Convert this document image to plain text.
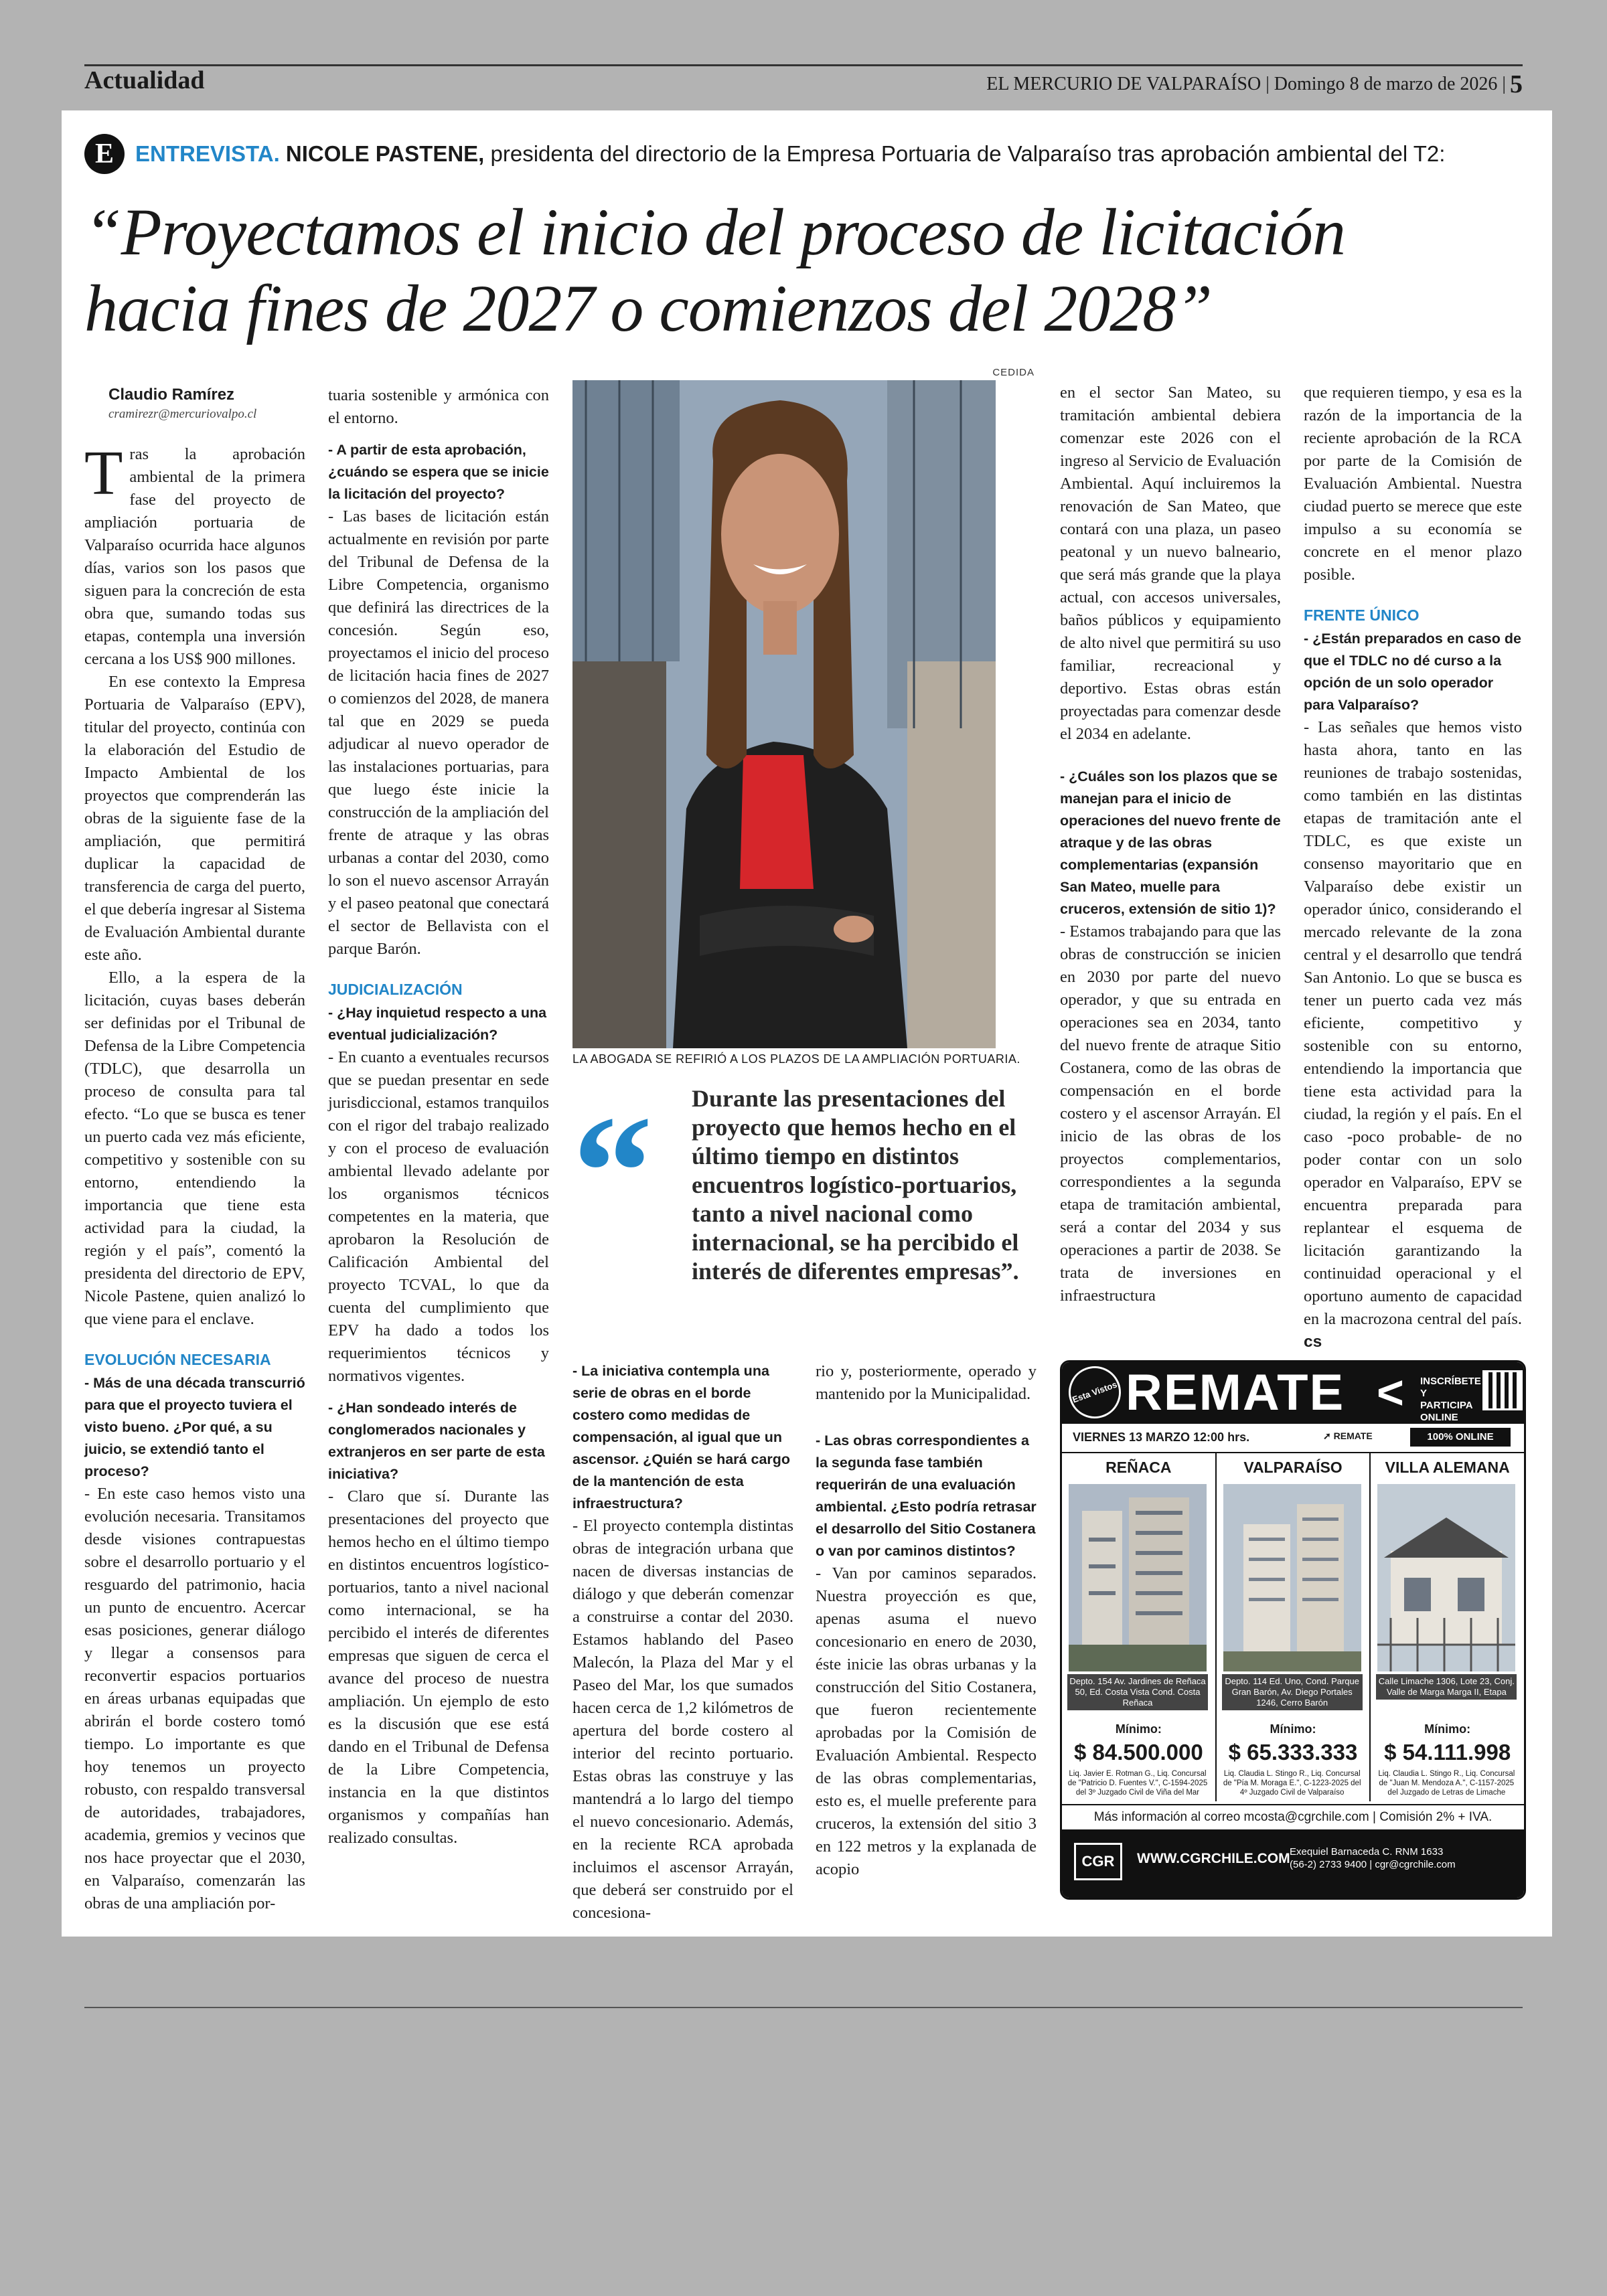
Actualidad	EL MERCURIO DE VALPARAÍSO | Domingo 8 de marzo de 2026 | 5
E ENTREVISTA.
NICOLE PASTENE, presidenta del directorio de la Empresa Portuaria de Valparaíso tras aprobación ambiental del T2:
“Proyectamos el inicio del proceso de licitación
hacia fines de 2027 o comienzos del 2028”
CEDIDA
LA ABOGADA SE REFIRIÓ A LOS PLAZOS DE LA AMPLIACIÓN PORTUARIA.
“ Durante las presentaciones del proyecto que hemos hecho en el último tiempo en distintos encuentros logístico-portuarios, tanto a nivel nacional como internacional, se ha percibido el interés de diferentes empresas”.

Claudio Ramírez

cramirezr@mercuriovalpo.cl

Tras la aprobación ambiental de la primera fase del proyecto de ampliación portuaria de Valparaíso ocurrida hace algunos días, varios son los pasos que siguen para la concreción de esta obra que, sumando todas sus etapas, contempla una inversión cercana a los US$ 900 millones.

En ese contexto la Empresa Portuaria de Valparaíso (EPV), titular del proyecto, continúa con la elaboración del Estudio de Impacto Ambiental de los proyectos que comprenderán las obras de la siguiente fase de la ampliación, que permitirá duplicar la capacidad de transferencia de carga del puerto, el que debería ingresar al Sistema de Evaluación Ambiental durante este año.

Ello, a la espera de la licitación, cuyas bases deberán ser definidas por el Tribunal de Defensa de la Libre Competencia (TDLC), que desarrolla un proceso de consulta para tal efecto. “Lo que se busca es tener un puerto cada vez más eficiente, competitivo y sostenible con su entorno, entendiendo la importancia que tiene esta actividad para la ciudad, la región y el país”, comentó la presidenta del directorio de EPV, Nicole Pastene, quien analizó lo que viene para el enclave.

EVOLUCIÓN NECESARIA

- Más de una década transcurrió para que el proyecto tuviera el visto bueno. ¿Por qué, a su juicio, se extendió tanto el proceso?

- En este caso hemos visto una evolución necesaria. Transitamos desde visiones contrapuestas sobre el desarrollo portuario y el resguardo del patrimonio, hacia un punto de encuentro. Acercar esas posiciones, generar diálogo y llegar a consensos para reconvertir espacios portuarios en áreas urbanas equipadas que abrirán el borde costero tomó tiempo. Lo importante es que hoy tenemos un proyecto robusto, con respaldo transversal de autoridades, trabajadores, academia, gremios y vecinos que nos hace proyectar que el 2030, en Valparaíso, comenzarán las obras de una ampliación por-

tuaria sostenible y armónica con el entorno.

- A partir de esta aprobación, ¿cuándo se espera que se inicie la licitación del proyecto?

- Las bases de licitación están actualmente en revisión por parte del Tribunal de Defensa de la Libre Competencia, organismo que definirá las directrices de la concesión. Según eso, proyectamos el inicio del proceso de licitación hacia fines de 2027 o comienzos del 2028, de manera tal que en 2029 se pueda adjudicar al nuevo operador de las instalaciones portuarias, para que luego éste inicie la construcción de la ampliación del frente de atraque y las obras urbanas a contar del 2030, como lo son el nuevo ascensor Arrayán y el paseo peatonal que conectará el sector de Bellavista con el parque Barón.

JUDICIALIZACIÓN

- ¿Hay inquietud respecto a una eventual judicialización?

- En cuanto a eventuales recursos que se puedan presentar en sede jurisdiccional, estamos tranquilos con el rigor del trabajo realizado y con el proceso de evaluación ambiental llevado adelante por los organismos técnicos competentes en la materia, que aprobaron la Resolución de Calificación Ambiental del proyecto TCVAL, lo que da cuenta del cumplimiento que EPV ha dado a todos los requerimientos técnicos y normativos vigentes.

- ¿Han sondeado interés de conglomerados nacionales y extranjeros en ser parte de esta iniciativa?

- Claro que sí. Durante las presentaciones del proyecto que hemos hecho en el último tiempo en distintos encuentros logístico-portuarios, tanto a nivel nacional como internacional, se ha percibido el interés de diferentes empresas que siguen de cerca el avance del proceso de nuestra ampliación. Un ejemplo de esto es la discusión que ese está dando en el Tribunal de Defensa de la Libre Competencia, instancia en la que distintos organismos y compañías han realizado consultas.

- La iniciativa contempla una serie de obras en el borde costero como medidas de compensación, al igual que un ascensor. ¿Quién se hará cargo de la mantención de esta infraestructura?

- El proyecto contempla distintas obras de integración urbana que nacen de diversas instancias de diálogo y que deberán comenzar a construirse a contar del 2030. Estamos hablando del Paseo Malecón, la Plaza del Mar y el Paseo del Mar, los que sumados hacen cerca de 1,2 kilómetros de apertura del borde costero al interior del recinto portuario. Estas obras las construye y las mantendrá a lo largo del tiempo el nuevo concesionario. Además, en la reciente RCA aprobada incluimos el ascensor Arrayán, que deberá ser construido por el concesiona-

rio y, posteriormente, operado y mantenido por la Municipalidad.

- Las obras correspondientes a la segunda fase también requerirán de una evaluación ambiental. ¿Esto podría retrasar el desarrollo del Sitio Costanera o van por caminos distintos?

- Van por caminos separados. Nuestra proyección es que, apenas asuma el nuevo concesionario en enero de 2030, éste inicie las obras urbanas y la construcción del Sitio Costanera, que fueron recientemente aprobadas por la Comisión de Evaluación Ambiental. Respecto de las obras complementarias, esto es, el muelle preferente para cruceros, la extensión del sitio 3 en 122 metros y la explanada de acopio

en el sector San Mateo, su tramitación ambiental debiera comenzar este 2026 con el ingreso al Servicio de Evaluación Ambiental. Aquí incluiremos la renovación de San Mateo, que contará con una plaza, un paseo peatonal y un nuevo balneario, que será más grande que la playa actual, con accesos universales, baños públicos y equipamiento de alto nivel que permitirá su uso familiar, recreacional y deportivo. Estas obras están proyectadas para comenzar desde el 2034 en adelante.

- ¿Cuáles son los plazos que se manejan para el inicio de operaciones del nuevo frente de atraque y de las obras complementarias (expansión San Mateo, muelle para cruceros, extensión de sitio 1)?

- Estamos trabajando para que las obras de construcción se inicien en 2030 por parte del nuevo operador, y que su entrada en operaciones sea en 2034, tanto del nuevo frente de atraque Sitio Costanera, como de las obras de compensación en el borde costero y el ascensor Arrayán. El inicio de las obras de los proyectos complementarios, correspondientes a la segunda etapa de tramitación ambiental, será a contar del 2034 y sus operaciones a partir de 2038. Se trata de inversiones en infraestructura

que requieren tiempo, y esa es la razón de la importancia de la reciente aprobación de la RCA por parte de la Comisión de Evaluación Ambiental. Nuestra ciudad puerto se merece que este impulso a su economía se concrete en el menor plazo posible.

FRENTE ÚNICO

- ¿Están preparados en caso de que el TDLC no dé curso a la opción de un solo operador para Valparaíso?

- Las señales que hemos visto hasta ahora, tanto en las reuniones de trabajo sostenidas, como también en las distintas etapas de tramitación ante el TDLC, es que existe un consenso mayoritario que en Valparaíso debe existir un operador único, considerando el mercado relevante de la zona central y el desarrollo que tendrá San Antonio. Lo que se busca es tener un puerto cada vez más eficiente, competitivo y sostenible con su entorno, entendiendo la importancia que tiene esta actividad para la ciudad, la región y el país. En el caso -poco probable- de no poder contar con un solo operador en Valparaíso, EPV se encuentra preparada para replantear el esquema de licitación garantizando la continuidad operacional y el oportuno aumento de capacidad en la macrozona central del país. cs

Esta Vistos REMATE < INSCRÍBETE Y PARTICIPA ONLINE
VIERNES 13 MARZO 12:00 hrs.	➚ REMATE	100% ONLINE
REÑACA
Depto. 154 Av. Jardines de Reñaca 50, Ed. Costa Vista Cond. Costa Reñaca
Mínimo:
$ 84.500.000
Liq. Javier E. Rotman G., Liq. Concursal de "Patricio D. Fuentes V.", C-1594-2025 del 3º Juzgado Civil de Viña del Mar
VALPARAÍSO
Depto. 114 Ed. Uno, Cond. Parque Gran Barón, Av. Diego Portales 1246, Cerro Barón
Mínimo:
$ 65.333.333
Liq. Claudia L. Stingo R., Liq. Concursal de "Pía M. Moraga E.", C-1223-2025 del 4º Juzgado Civil de Valparaíso
VILLA ALEMANA
Calle Limache 1306, Lote 23, Conj. Valle de Marga Marga II, Etapa
Mínimo:
$ 54.111.998
Liq. Claudia L. Stingo R., Liq. Concursal de "Juan M. Mendoza A.", C-1157-2025 del Juzgado de Letras de Limache
Más información al correo mcosta@cgrchile.com | Comisión 2% + IVA.
CGR	WWW.CGRCHILE.COM Exequiel Barnaceda C. RNM 1633
(56-2) 2733 9400 | cgr@cgrchile.com
